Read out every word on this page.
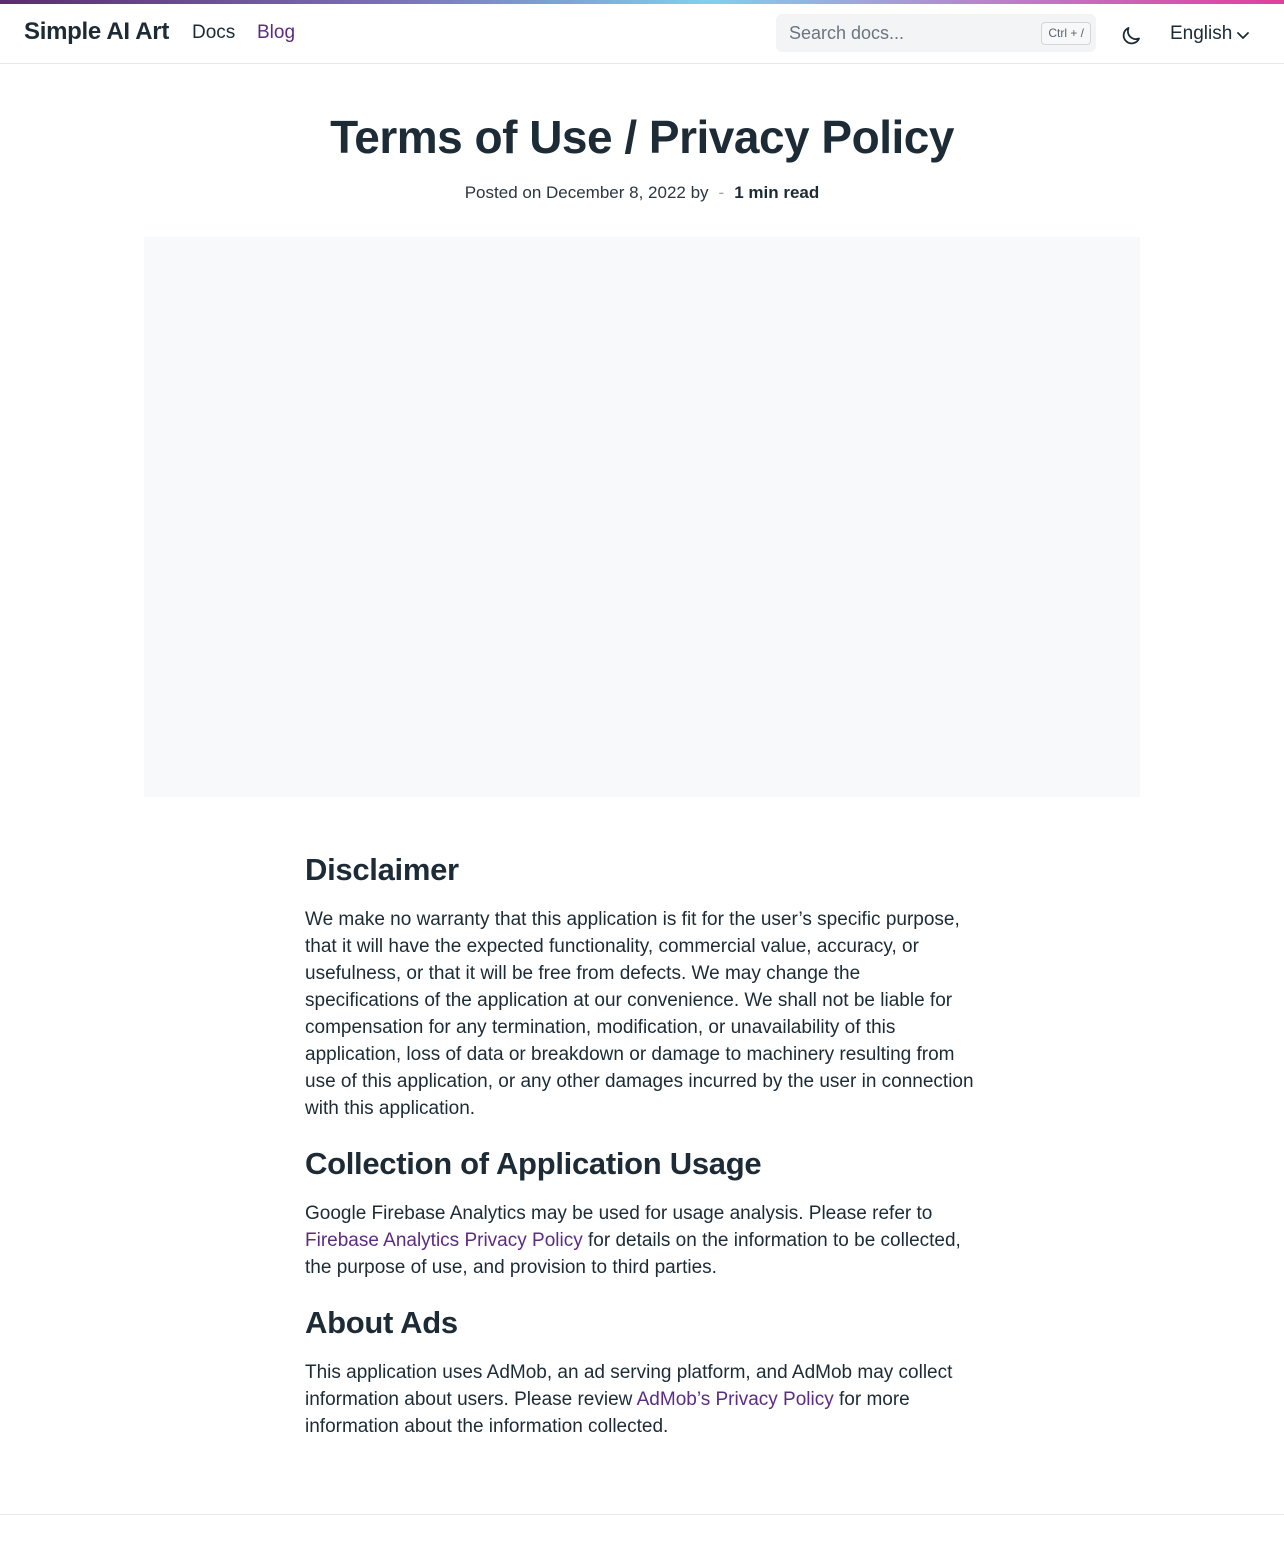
Simple AI Art Docs Blog
Search docs...	Ctrl + /	English
Terms of Use / Privacy Policy
Posted on December 8, 2022 by - 1 min read
Disclaimer

We make no warranty that this application is fit for the user’s specific purpose, that it will have the expected functionality, commercial value, accuracy, or usefulness, or that it will be free from defects. We may change the specifications of the application at our convenience. We shall not be liable for compensation for any termination, modification, or unavailability of this application, loss of data or breakdown or damage to machinery resulting from use of this application, or any other damages incurred by the user in connection with this application.

Collection of Application Usage

Google Firebase Analytics may be used for usage analysis. Please refer to Firebase Analytics Privacy Policy for details on the information to be collected, the purpose of use, and provision to third parties.

About Ads

This application uses AdMob, an ad serving platform, and AdMob may collect information about users. Please review AdMob’s Privacy Policy for more information about the information collected.
